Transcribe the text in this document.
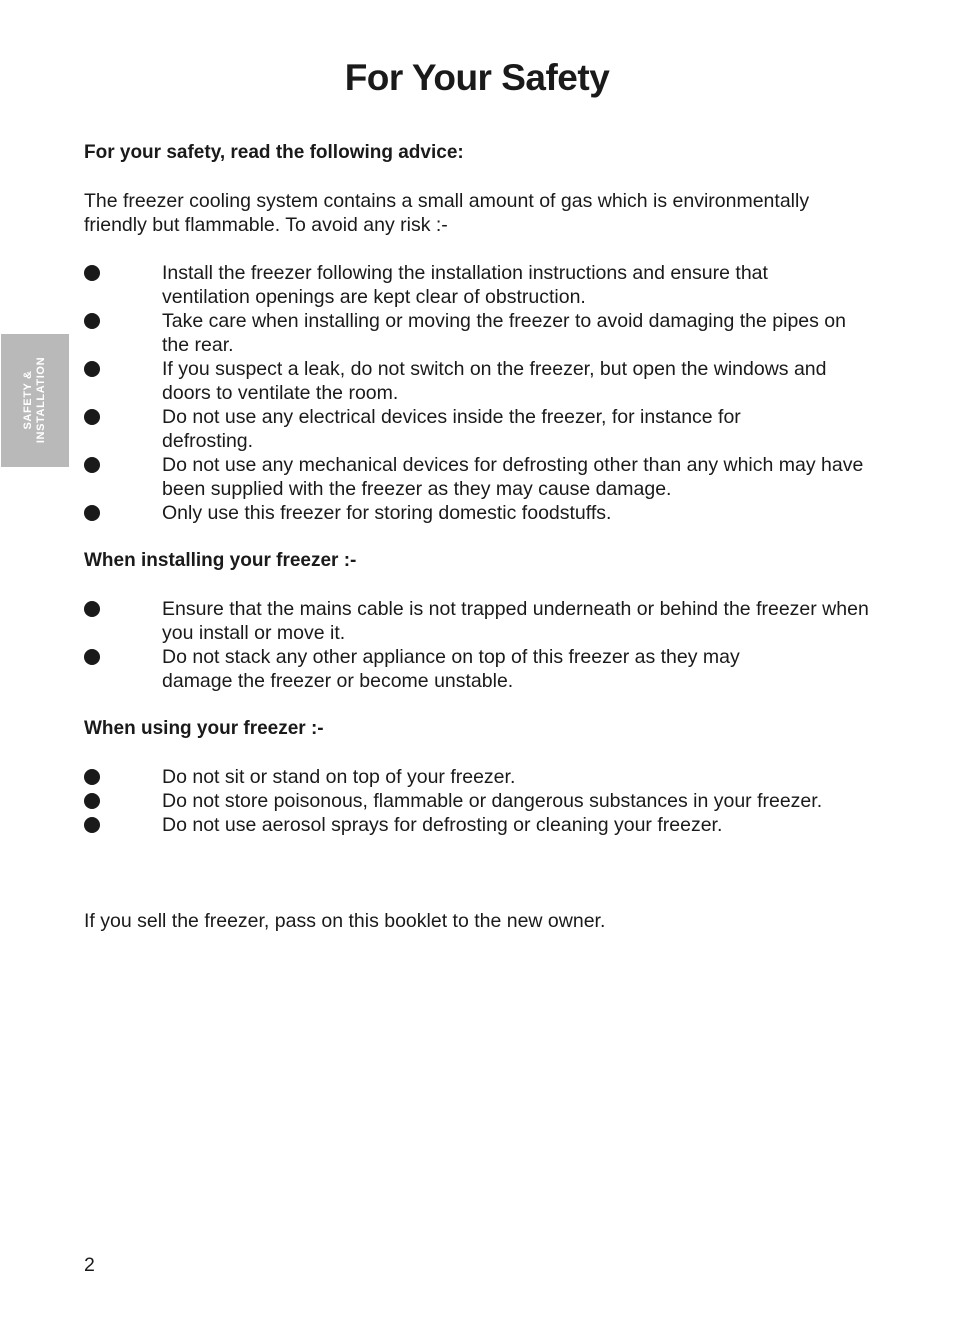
For Your Safety
SAFETY & INSTALLATION

For your safety, read the following advice:

The freezer cooling system contains a small amount of gas which is environmentally friendly but flammable. To avoid any risk :-

Install the freezer following the installation instructions and ensure that ventilation openings are kept clear of obstruction.
Take care when installing or moving the freezer to avoid damaging the pipes on the rear.
If you suspect a leak, do not switch on the freezer, but open the windows and doors to ventilate the room.
Do not use any electrical devices inside the freezer, for instance for defrosting.
Do not use any mechanical devices for defrosting other than any which may have been supplied with the freezer as they may cause damage.
Only use this freezer for storing domestic foodstuffs.

When installing your freezer :-

Ensure that the mains cable is not trapped underneath or behind the freezer when you install or move it.
Do not stack any other appliance on top of this freezer as they may damage the freezer or become unstable.

When using your freezer :-

Do not sit or stand on top of your freezer.
Do not store poisonous, flammable or dangerous substances in your freezer.
Do not use aerosol sprays for defrosting or cleaning your freezer.

If you sell the freezer, pass on this booklet to the new owner.

2
